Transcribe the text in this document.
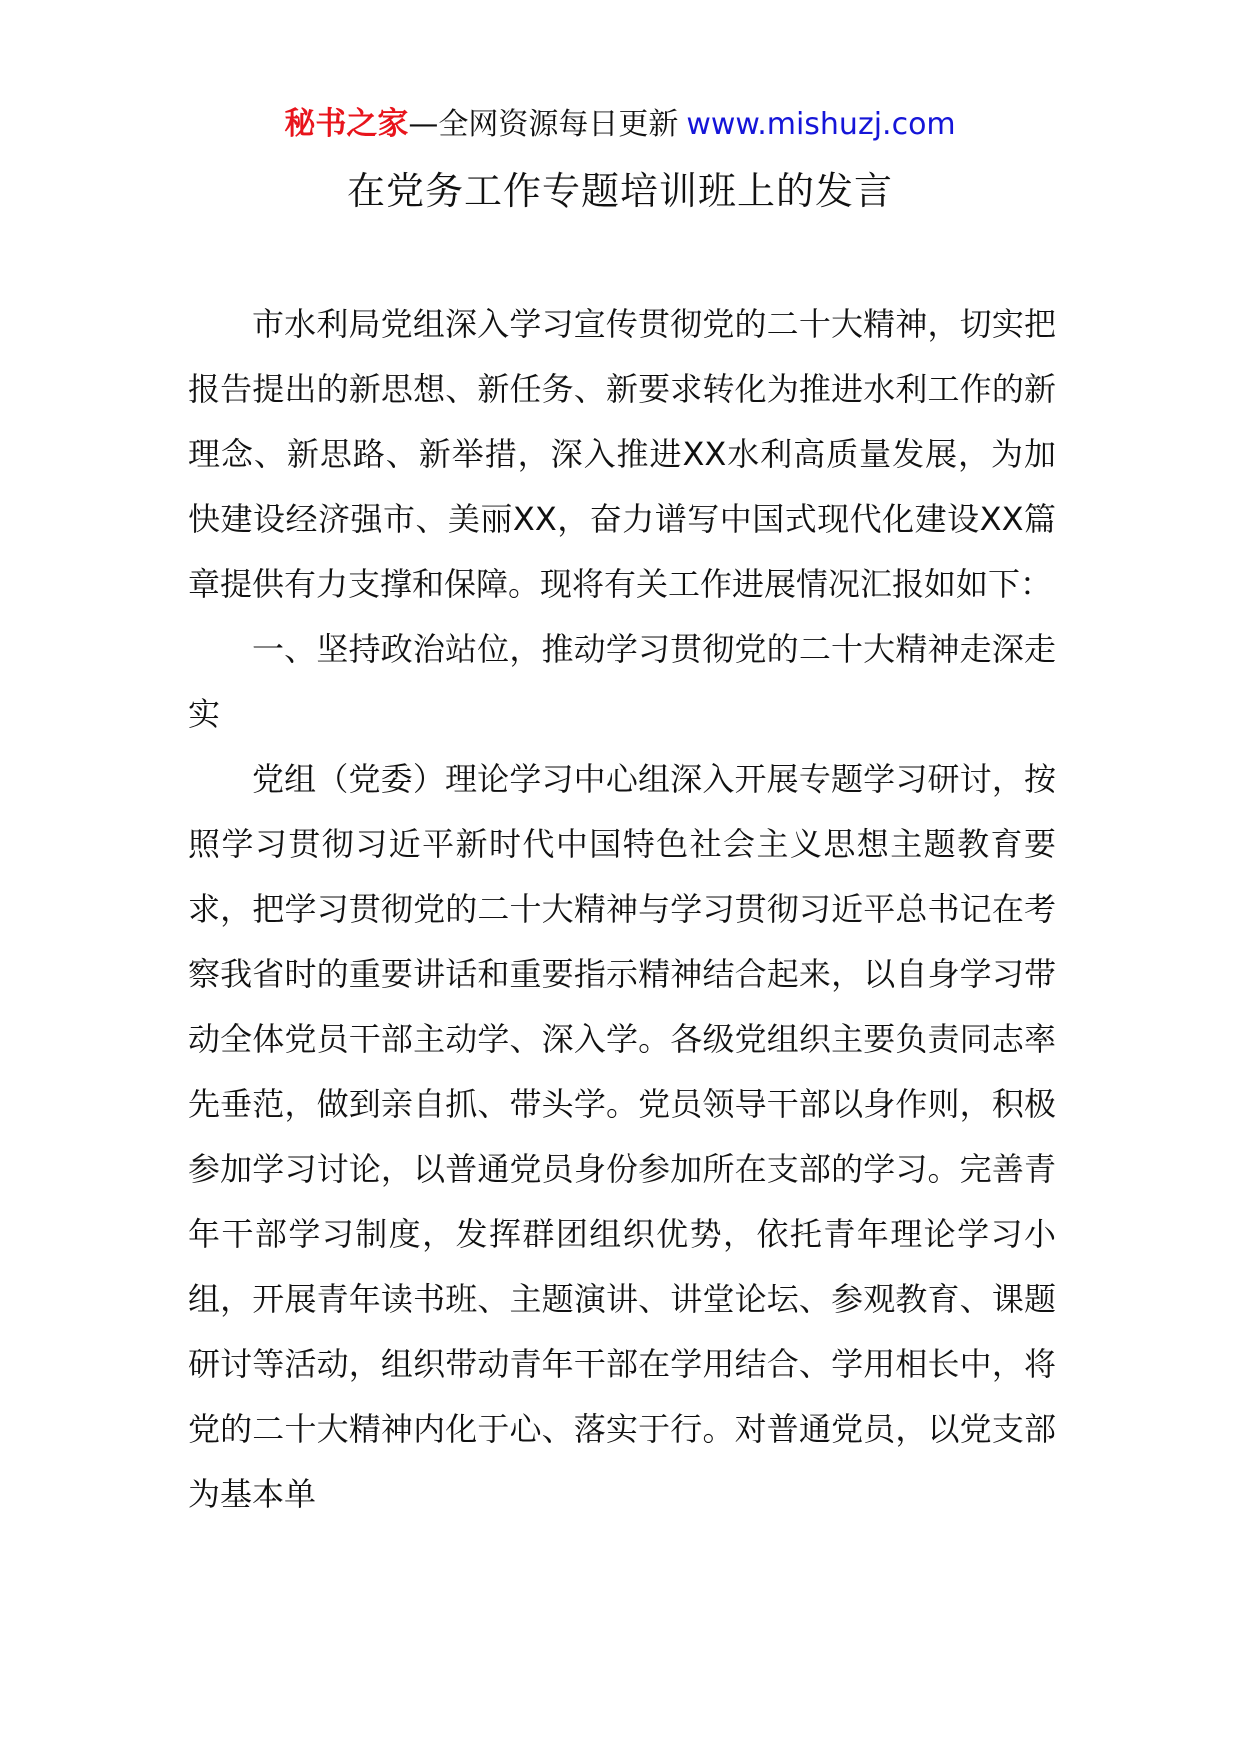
秘书之家—全网资源每日更新 www.mishuzj.com
在党务工作专题培训班上的发言

市水利局党组深入学习宣传贯彻党的二十大精神，切实把报告提出的新思想、新任务、新要求转化为推进水利工作的新理念、新思路、新举措，深入推进XX水利高质量发展，为加快建设经济强市、美丽XX，奋力谱写中国式现代化建设XX篇章提供有力支撑和保障。现将有关工作进展情况汇报如如下：

一、坚持政治站位，推动学习贯彻党的二十大精神走深走实

党组（党委）理论学习中心组深入开展专题学习研讨，按照学习贯彻习近平新时代中国特色社会主义思想主题教育要求，把学习贯彻党的二十大精神与学习贯彻习近平总书记在考察我省时的重要讲话和重要指示精神结合起来，以自身学习带动全体党员干部主动学、深入学。各级党组织主要负责同志率先垂范，做到亲自抓、带头学。党员领导干部以身作则，积极参加学习讨论，以普通党员身份参加所在支部的学习。完善青年干部学习制度，发挥群团组织优势，依托青年理论学习小组，开展青年读书班、主题演讲、讲堂论坛、参观教育、课题研讨等活动，组织带动青年干部在学用结合、学用相长中，将党的二十大精神内化于心、落实于行。对普通党员，以党支部为基本单
